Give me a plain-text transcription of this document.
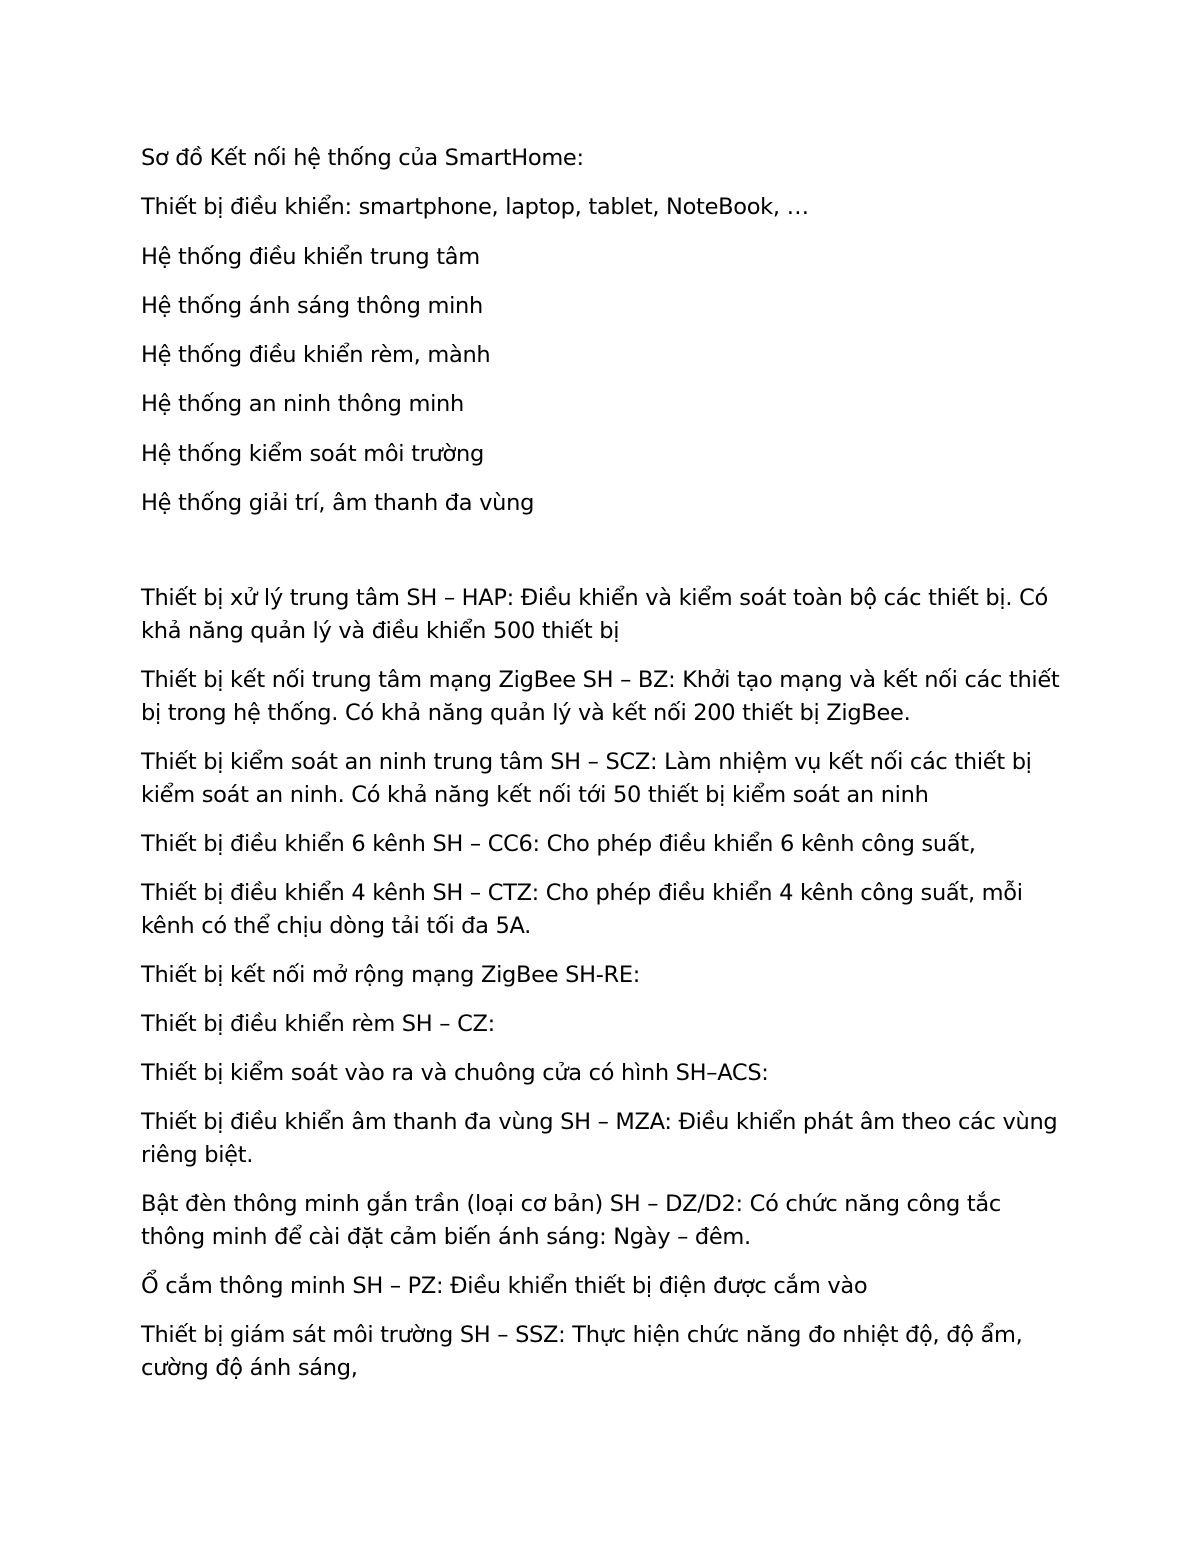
Sơ đồ Kết nối hệ thống của SmartHome:
Thiết bị điều khiển: smartphone, laptop, tablet, NoteBook, …
Hệ thống điều khiển trung tâm
Hệ thống ánh sáng thông minh
Hệ thống điều khiển rèm, mành
Hệ thống an ninh thông minh
Hệ thống kiểm soát môi trường
Hệ thống giải trí, âm thanh đa vùng
Thiết bị xử lý trung tâm SH – HAP: Điều khiển và kiểm soát toàn bộ các thiết bị. Có khả năng quản lý và điều khiển 500 thiết bị
Thiết bị kết nối trung tâm mạng ZigBee SH – BZ: Khởi tạo mạng và kết nối các thiết bị trong hệ thống. Có khả năng quản lý và kết nối 200 thiết bị ZigBee.
Thiết bị kiểm soát an ninh trung tâm SH – SCZ: Làm nhiệm vụ kết nối các thiết bị kiểm soát an ninh. Có khả năng kết nối tới 50 thiết bị kiểm soát an ninh
Thiết bị điều khiển 6 kênh SH – CC6: Cho phép điều khiển 6 kênh công suất,
Thiết bị điều khiển 4 kênh SH – CTZ: Cho phép điều khiển 4 kênh công suất, mỗi kênh có thể chịu dòng tải tối đa 5A.
Thiết bị kết nối mở rộng mạng ZigBee SH-RE:
Thiết bị điều khiển rèm SH – CZ:
Thiết bị kiểm soát vào ra và chuông cửa có hình SH–ACS:
Thiết bị điều khiển âm thanh đa vùng SH – MZA: Điều khiển phát âm theo các vùng riêng biệt.
Bật đèn thông minh gắn trần (loại cơ bản) SH – DZ/D2: Có chức năng công tắc thông minh để cài đặt cảm biến ánh sáng: Ngày – đêm.
Ổ cắm thông minh SH – PZ: Điều khiển thiết bị điện được cắm vào
Thiết bị giám sát môi trường SH – SSZ: Thực hiện chức năng đo nhiệt độ, độ ẩm, cường độ ánh sáng,
